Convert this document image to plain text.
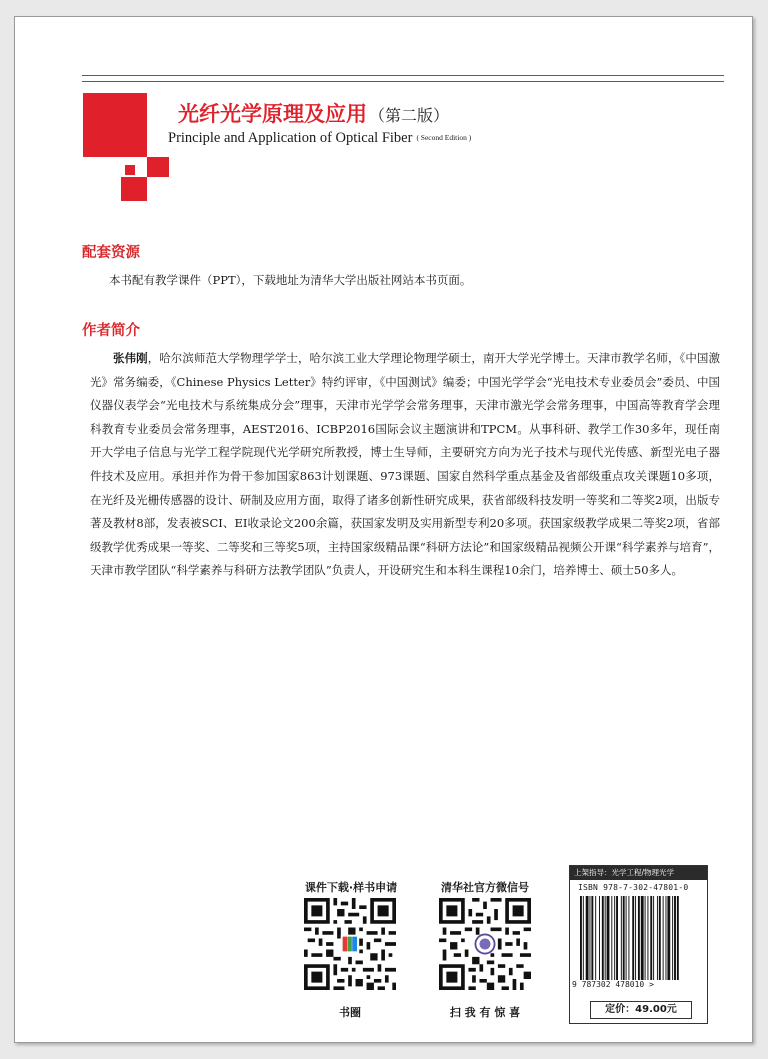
光纤光学原理及应用 （第二版）
Principle and Application of Optical Fiber ( Second Edition )
配套资源
本书配有教学课件（PPT），下载地址为清华大学出版社网站本书页面。
作者简介

张伟刚，哈尔滨师范大学物理学学士，哈尔滨工业大学理论物理学硕士，南开大学光学博士。天津市教学名师，《中国激光》常务编委，《Chinese Physics Letter》特约评审，《中国测试》编委；中国光学学会“光电技术专业委员会”委员、中国仪器仪表学会“光电技术与系统集成分会”理事，天津市光学学会常务理事，天津市激光学会常务理事，中国高等教育学会理科教育专业委员会常务理事，AEST2016、ICBP2016国际会议主题演讲和TPCM。从事科研、教学工作30多年，现任南开大学电子信息与光学工程学院现代光学研究所教授，博士生导师，主要研究方向为光子技术与现代光传感、新型光电子器件技术及应用。承担并作为骨干参加国家863计划课题、973课题、国家自然科学重点基金及省部级重点攻关课题10多项，在光纤及光栅传感器的设计、研制及应用方面，取得了诸多创新性研究成果，获省部级科技发明一等奖和二等奖2项，出版专著及教材8部，发表被SCI、EI收录论文200余篇，获国家发明及实用新型专利20多项。获国家级教学成果二等奖2项，省部级教学优秀成果一等奖、二等奖和三等奖5项，主持国家级精品课“科研方法论”和国家级精品视频公开课“科学素养与培育”，天津市教学团队“科学素养与科研方法教学团队”负责人，开设研究生和本科生课程10余门，培养博士、硕士50多人。

课件下载·样书申请
书圈
清华社官方微信号
扫 我 有 惊 喜
上架指导：光学工程/物理光学
ISBN 978-7-302-47801-0
9 787302 478010 >
定价：49.00元
